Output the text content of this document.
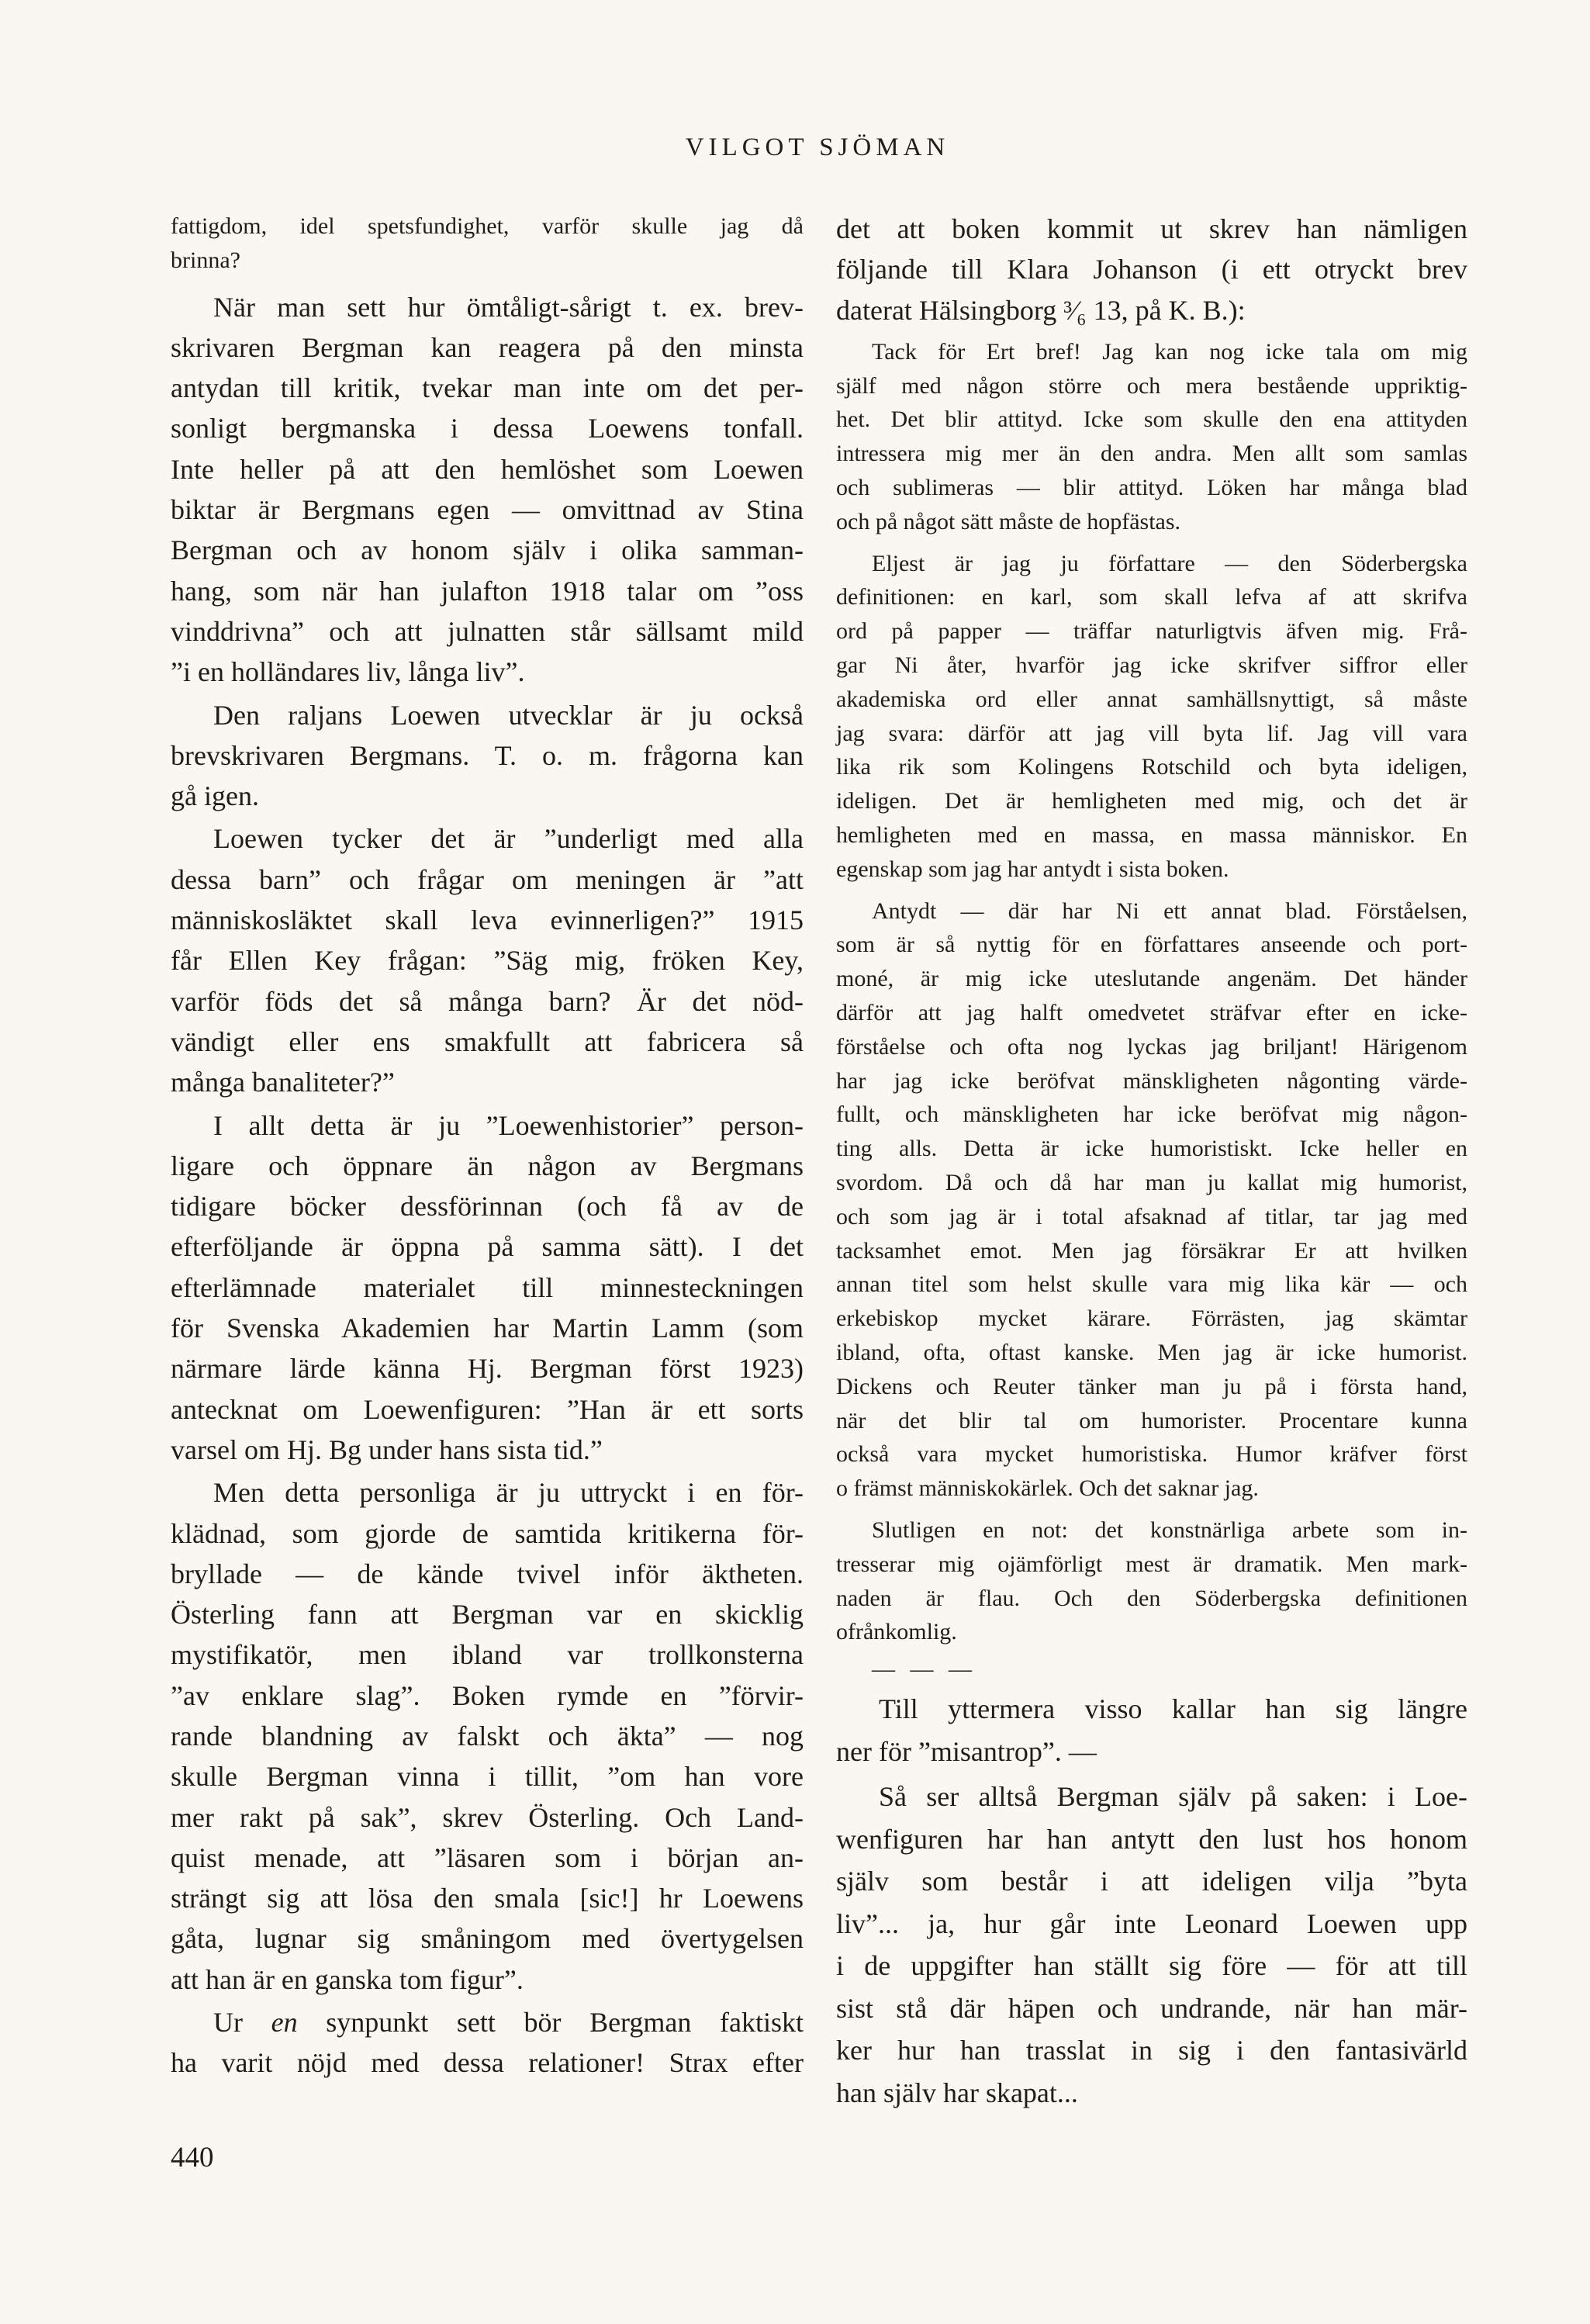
VILGOT SJÖMAN
fattigdom, idel spetsfundighet, varför skulle jag då
brinna?
När man sett hur ömtåligt-sårigt t. ex. brev-
skrivaren Bergman kan reagera på den minsta
antydan till kritik, tvekar man inte om det per-
sonligt bergmanska i dessa Loewens tonfall.
Inte heller på att den hemlöshet som Loewen
biktar är Bergmans egen — omvittnad av Stina
Bergman och av honom själv i olika samman-
hang, som när han julafton 1918 talar om ”oss
vinddrivna” och att julnatten står sällsamt mild
”i en holländares liv, långa liv”.
Den raljans Loewen utvecklar är ju också
brevskrivaren Bergmans. T. o. m. frågorna kan
gå igen.
Loewen tycker det är ”underligt med alla
dessa barn” och frågar om meningen är ”att
människosläktet skall leva evinnerligen?” 1915
får Ellen Key frågan: ”Säg mig, fröken Key,
varför föds det så många barn? Är det nöd-
vändigt eller ens smakfullt att fabricera så
många banaliteter?”
I allt detta är ju ”Loewenhistorier” person-
ligare och öppnare än någon av Bergmans
tidigare böcker dessförinnan (och få av de
efterföljande är öppna på samma sätt). I det
efterlämnade materialet till minnesteckningen
för Svenska Akademien har Martin Lamm (som
närmare lärde känna Hj. Bergman först 1923)
antecknat om Loewenfiguren: ”Han är ett sorts
varsel om Hj. Bg under hans sista tid.”
Men detta personliga är ju uttryckt i en för-
klädnad, som gjorde de samtida kritikerna för-
bryllade — de kände tvivel inför äktheten.
Österling fann att Bergman var en skicklig
mystifikatör, men ibland var trollkonsterna
”av enklare slag”. Boken rymde en ”förvir-
rande blandning av falskt och äkta” — nog
skulle Bergman vinna i tillit, ”om han vore
mer rakt på sak”, skrev Österling. Och Land-
quist menade, att ”läsaren som i början an-
strängt sig att lösa den smala [sic!] hr Loewens
gåta, lugnar sig småningom med övertygelsen
att han är en ganska tom figur”.
Ur en synpunkt sett bör Bergman faktiskt
ha varit nöjd med dessa relationer! Strax efter
det att boken kommit ut skrev han nämligen
följande till Klara Johanson (i ett otryckt brev
daterat Hälsingborg ³⁄₆ 13, på K. B.):
Tack för Ert bref! Jag kan nog icke tala om mig
själf med någon större och mera bestående uppriktig-
het. Det blir attityd. Icke som skulle den ena attityden
intressera mig mer än den andra. Men allt som samlas
och sublimeras — blir attityd. Löken har många blad
och på något sätt måste de hopfästas.
Eljest är jag ju författare — den Söderbergska
definitionen: en karl, som skall lefva af att skrifva
ord på papper — träffar naturligtvis äfven mig. Frå-
gar Ni åter, hvarför jag icke skrifver siffror eller
akademiska ord eller annat samhällsnyttigt, så måste
jag svara: därför att jag vill byta lif. Jag vill vara
lika rik som Kolingens Rotschild och byta ideligen,
ideligen. Det är hemligheten med mig, och det är
hemligheten med en massa, en massa människor. En
egenskap som jag har antydt i sista boken.
Antydt — där har Ni ett annat blad. Förståelsen,
som är så nyttig för en författares anseende och port-
moné, är mig icke uteslutande angenäm. Det händer
därför att jag halft omedvetet sträfvar efter en icke-
förståelse och ofta nog lyckas jag briljant! Härigenom
har jag icke beröfvat mänskligheten någonting värde-
fullt, och mänskligheten har icke beröfvat mig någon-
ting alls. Detta är icke humoristiskt. Icke heller en
svordom. Då och då har man ju kallat mig humorist,
och som jag är i total afsaknad af titlar, tar jag med
tacksamhet emot. Men jag försäkrar Er att hvilken
annan titel som helst skulle vara mig lika kär — och
erkebiskop mycket kärare. Förrästen, jag skämtar
ibland, ofta, oftast kanske. Men jag är icke humorist.
Dickens och Reuter tänker man ju på i första hand,
när det blir tal om humorister. Procentare kunna
också vara mycket humoristiska. Humor kräfver först
o främst människokärlek. Och det saknar jag.
Slutligen en not: det konstnärliga arbete som in-
tresserar mig ojämförligt mest är dramatik. Men mark-
naden är flau. Och den Söderbergska definitionen
ofrånkomlig.
— — —
Till yttermera visso kallar han sig längre
ner för ”misantrop”. —
Så ser alltså Bergman själv på saken: i Loe-
wenfiguren har han antytt den lust hos honom
själv som består i att ideligen vilja ”byta
liv”... ja, hur går inte Leonard Loewen upp
i de uppgifter han ställt sig före — för att till
sist stå där häpen och undrande, när han mär-
ker hur han trasslat in sig i den fantasivärld
han själv har skapat...
440
